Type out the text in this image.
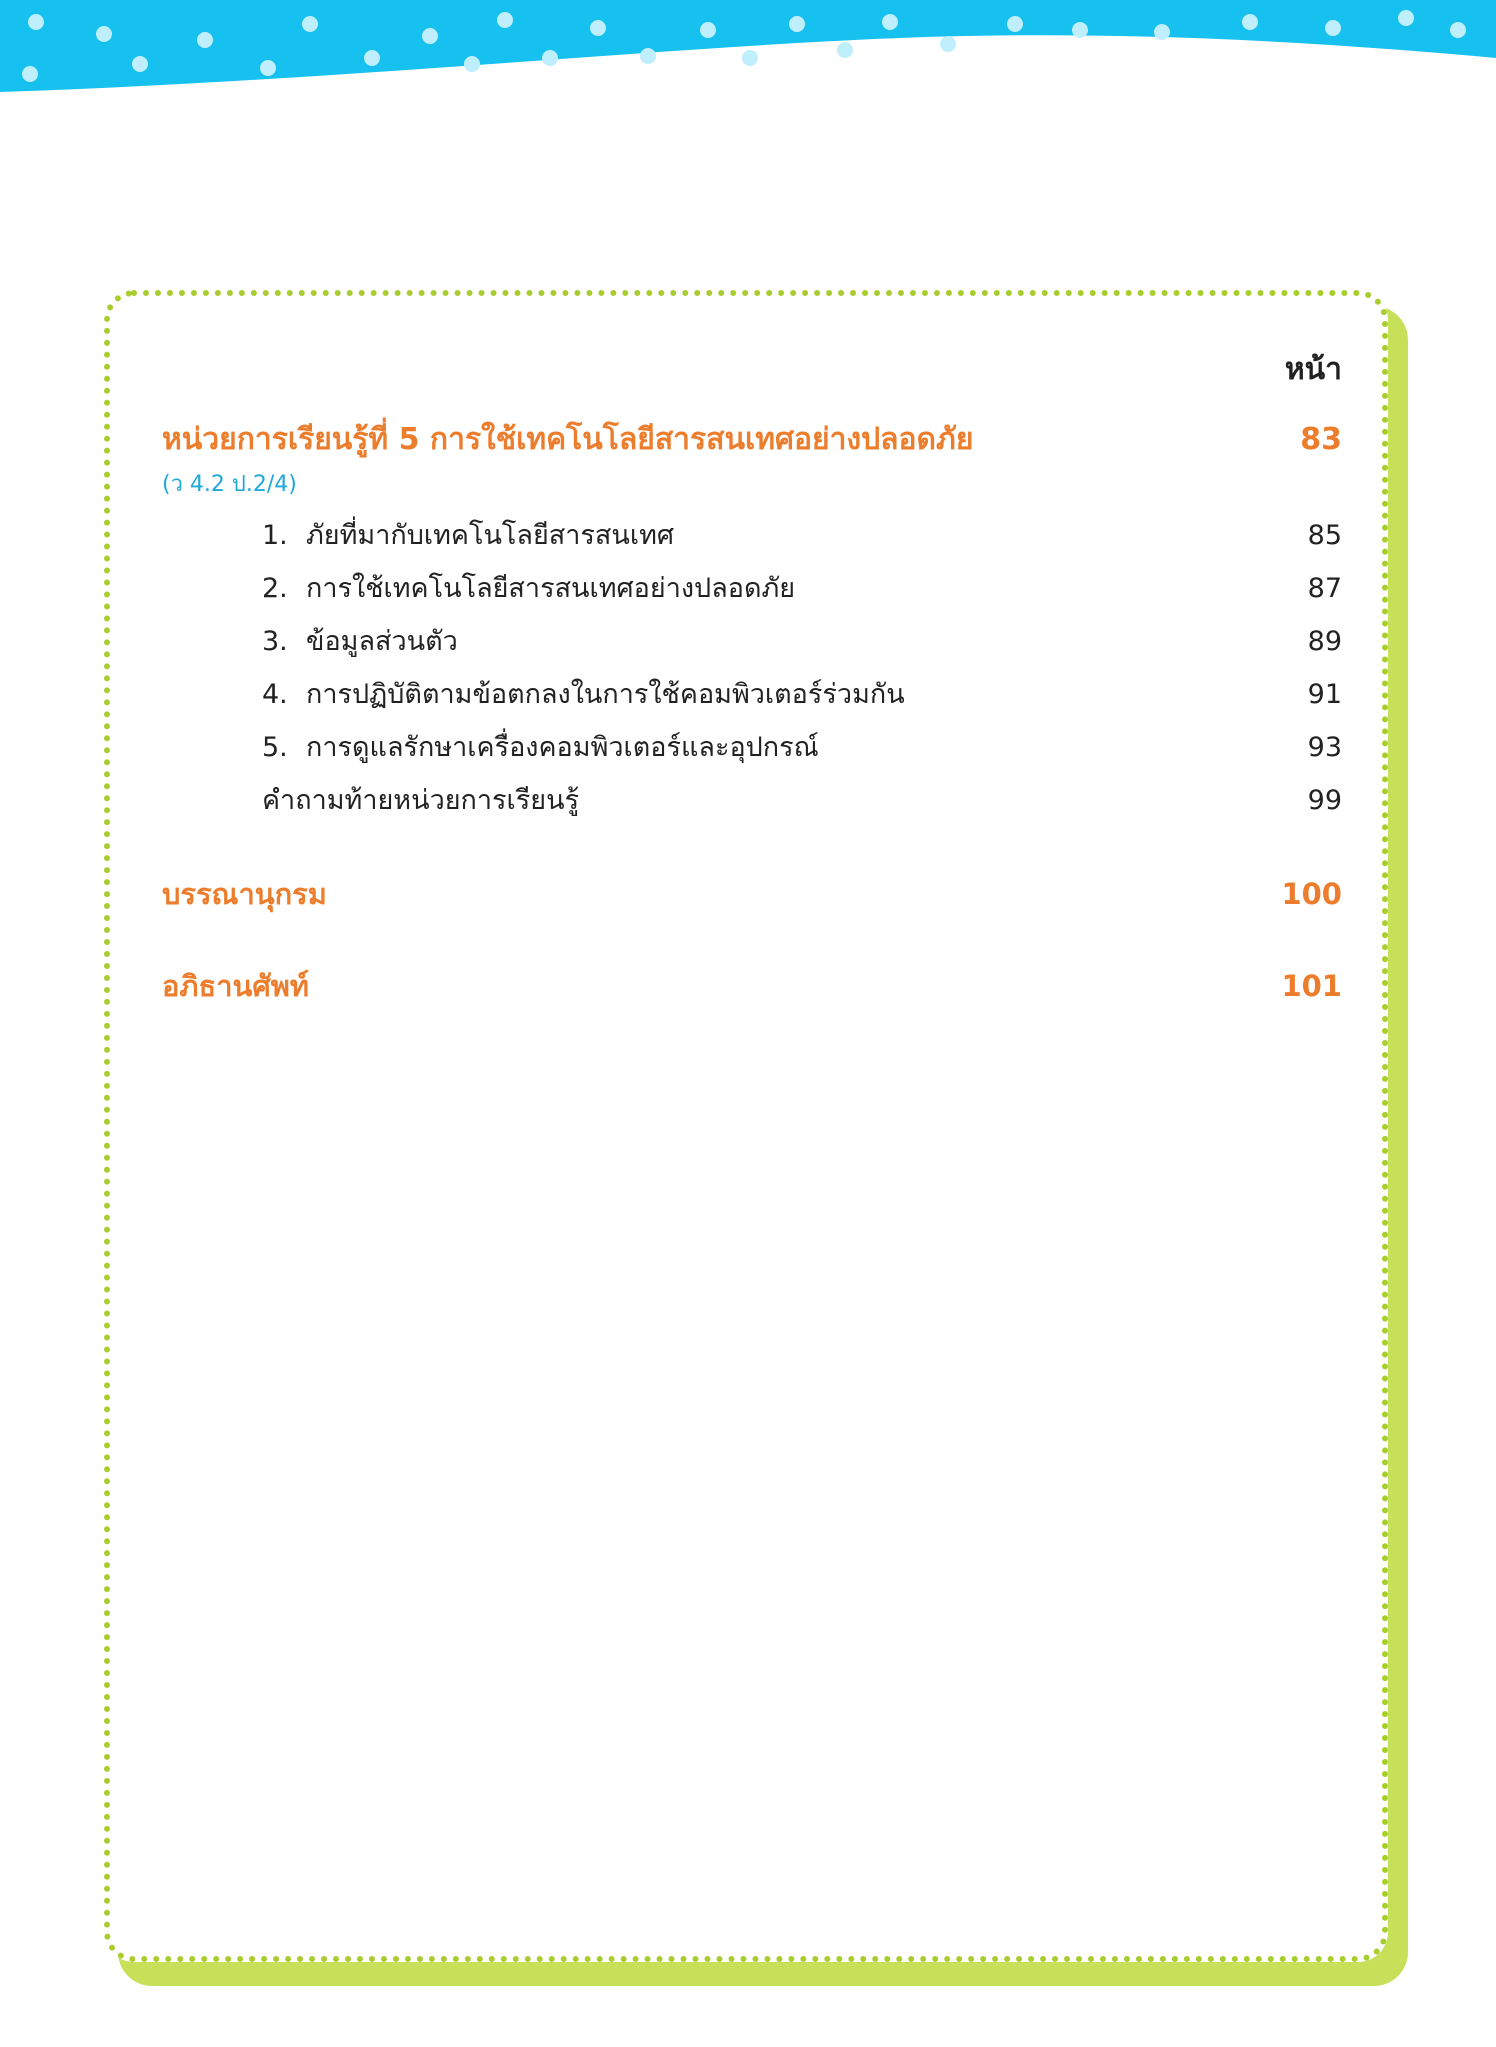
หน้า
หน่วยการเรียนรู้ที่ 5 การใช้เทคโนโลยีสารสนเทศอย่างปลอดภัย	83
(ว 4.2 ป.2/4)
1. ภัยที่มากับเทคโนโลยีสารสนเทศ	85
2. การใช้เทคโนโลยีสารสนเทศอย่างปลอดภัย	87
3. ข้อมูลส่วนตัว	89
4. การปฏิบัติตามข้อตกลงในการใช้คอมพิวเตอร์ร่วมกัน	91
5. การดูแลรักษาเครื่องคอมพิวเตอร์และอุปกรณ์	93
คำถามท้ายหน่วยการเรียนรู้	99
บรรณานุกรม	100
อภิธานศัพท์	101
